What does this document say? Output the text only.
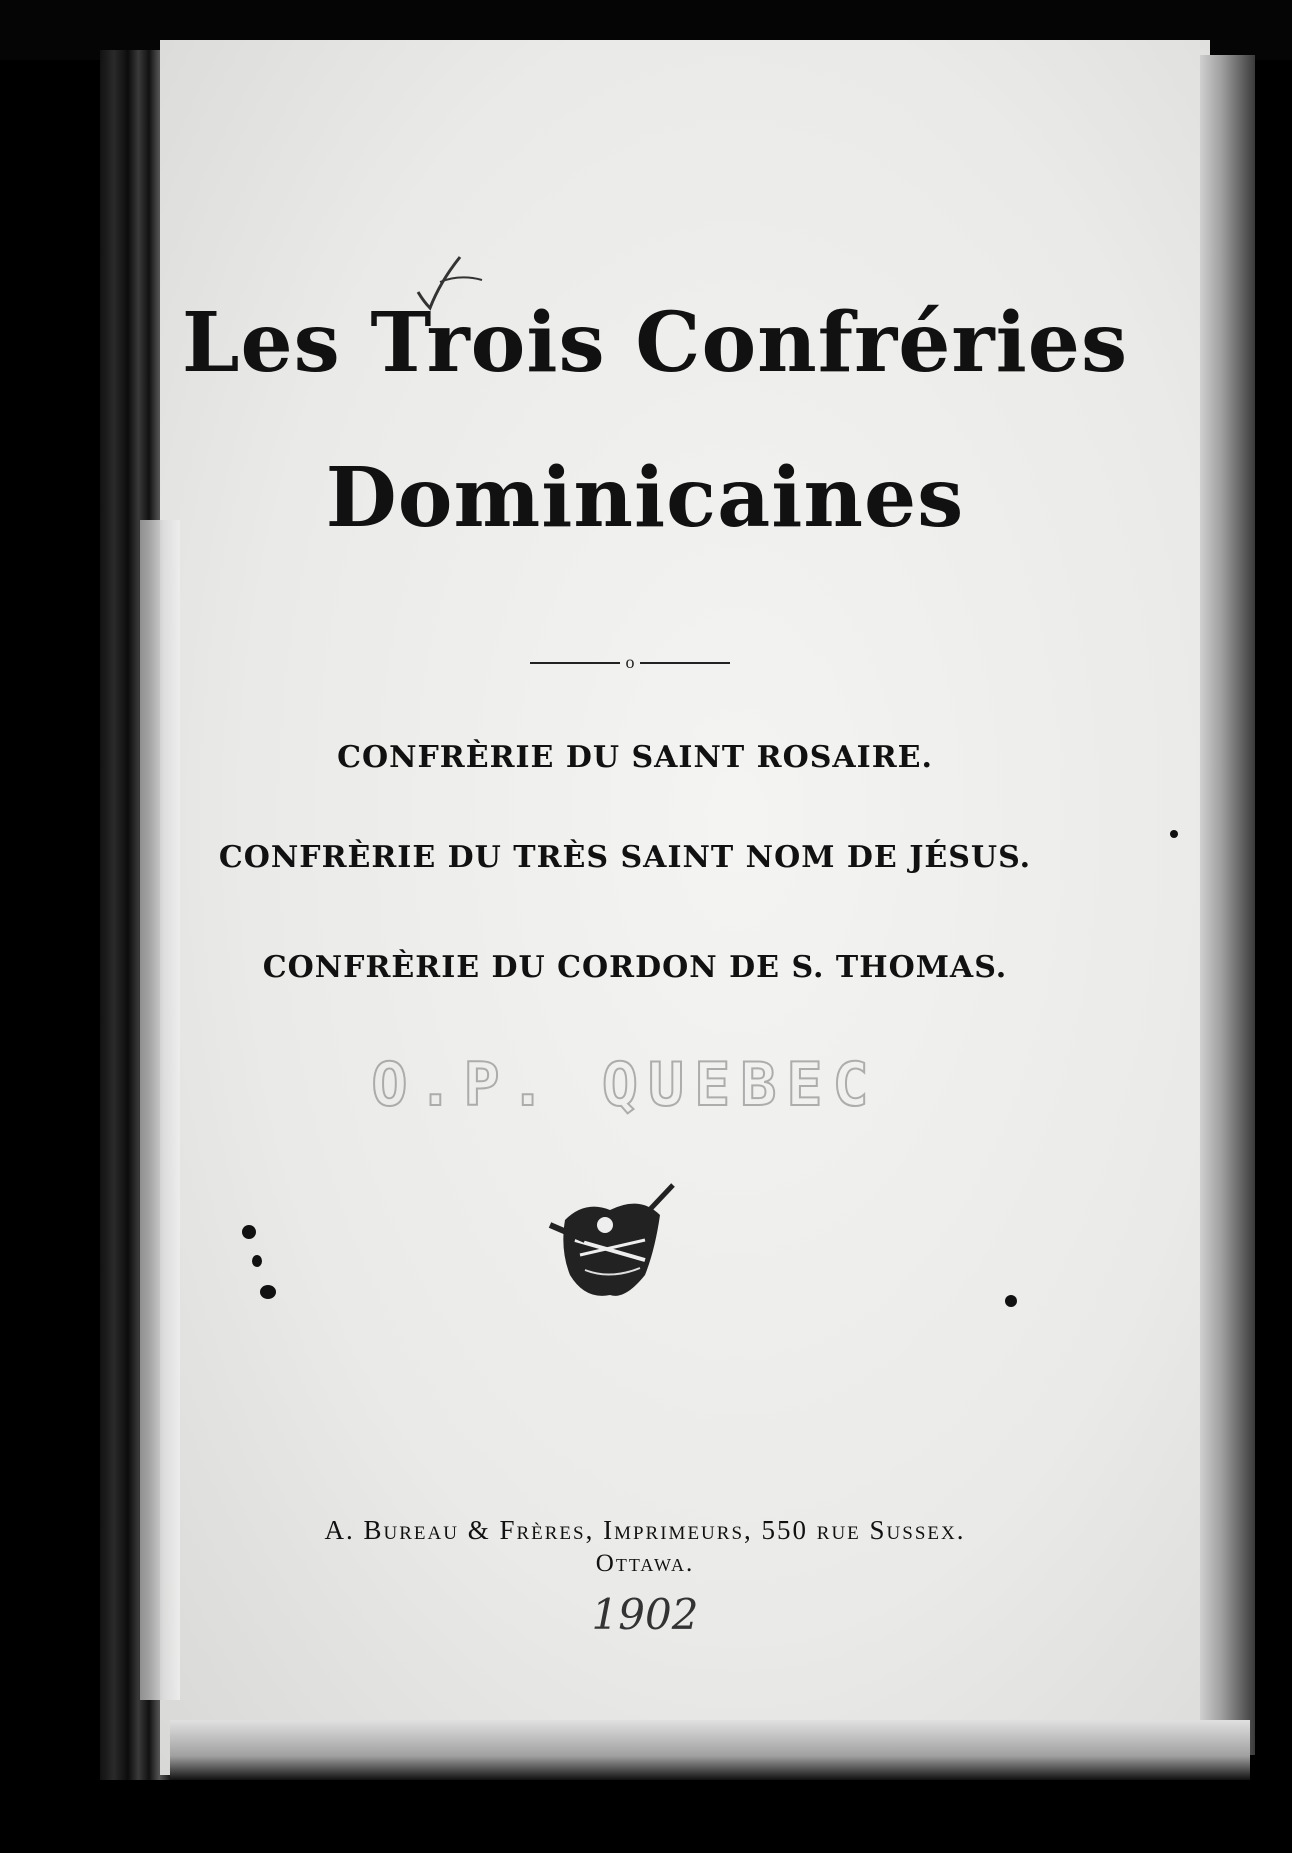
Les Trois Confréries
Dominicaines
o
CONFRÈRIE DU SAINT ROSAIRE.
CONFRÈRIE DU TRÈS SAINT NOM DE JÉSUS.
CONFRÈRIE DU CORDON DE S. THOMAS.
O.P. QUEBEC
A. Bureau & Frères, Imprimeurs, 550 rue Sussex.
Ottawa.
1902
